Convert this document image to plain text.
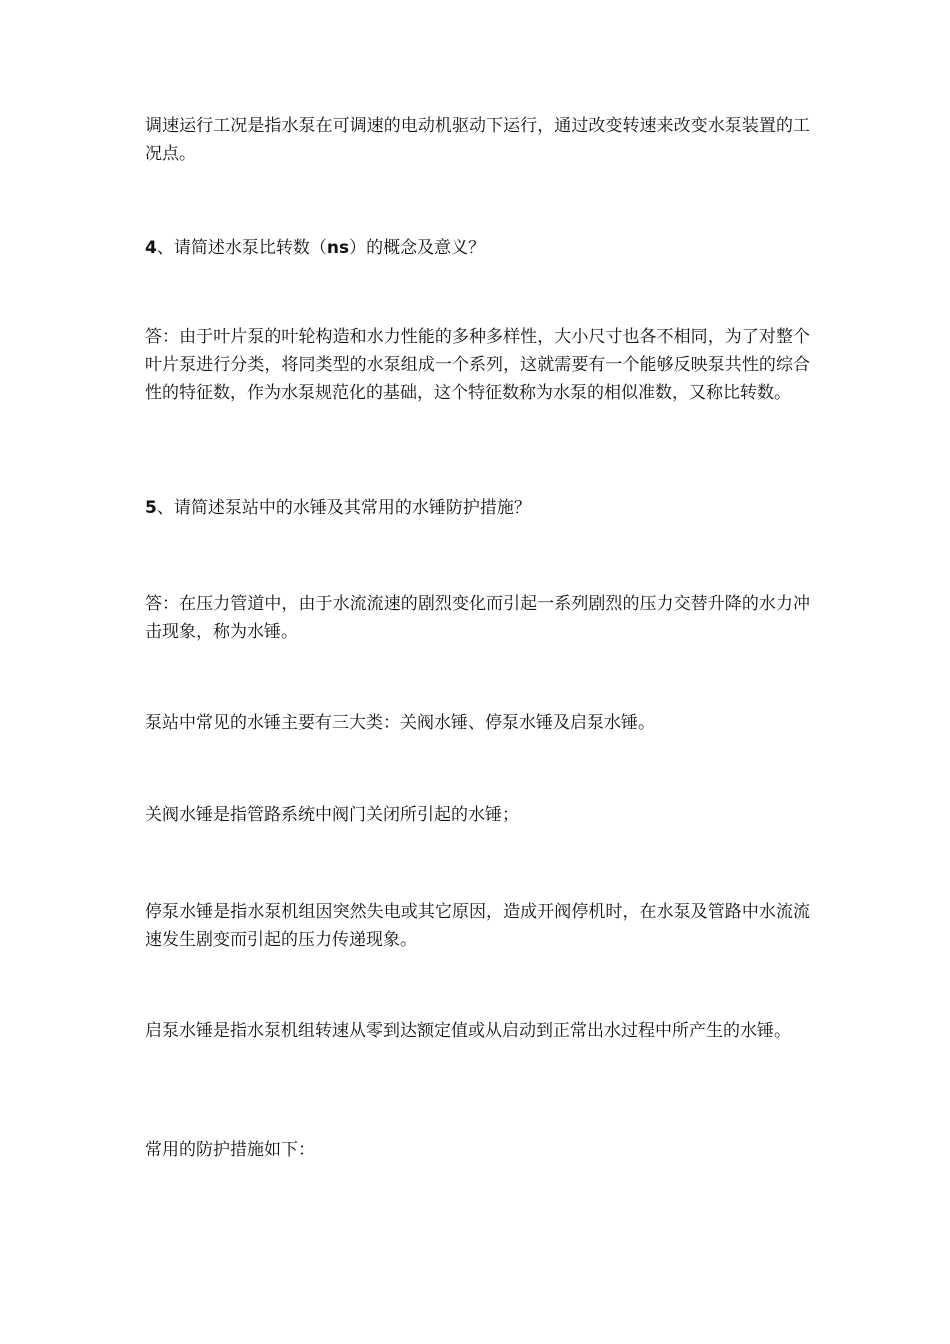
调速运行工况是指水泵在可调速的电动机驱动下运行，通过改变转速来改变水泵装置的工况点。

4、请简述水泵比转数（ns）的概念及意义？

答：由于叶片泵的叶轮构造和水力性能的多种多样性，大小尺寸也各不相同，为了对整个叶片泵进行分类，将同类型的水泵组成一个系列，这就需要有一个能够反映泵共性的综合性的特征数，作为水泵规范化的基础，这个特征数称为水泵的相似准数，又称比转数。

5、请简述泵站中的水锤及其常用的水锤防护措施？

答：在压力管道中，由于水流流速的剧烈变化而引起一系列剧烈的压力交替升降的水力冲击现象，称为水锤。

泵站中常见的水锤主要有三大类：关阀水锤、停泵水锤及启泵水锤。

关阀水锤是指管路系统中阀门关闭所引起的水锤；

停泵水锤是指水泵机组因突然失电或其它原因，造成开阀停机时，在水泵及管路中水流流速发生剧变而引起的压力传递现象。

启泵水锤是指水泵机组转速从零到达额定值或从启动到正常出水过程中所产生的水锤。

常用的防护措施如下：
